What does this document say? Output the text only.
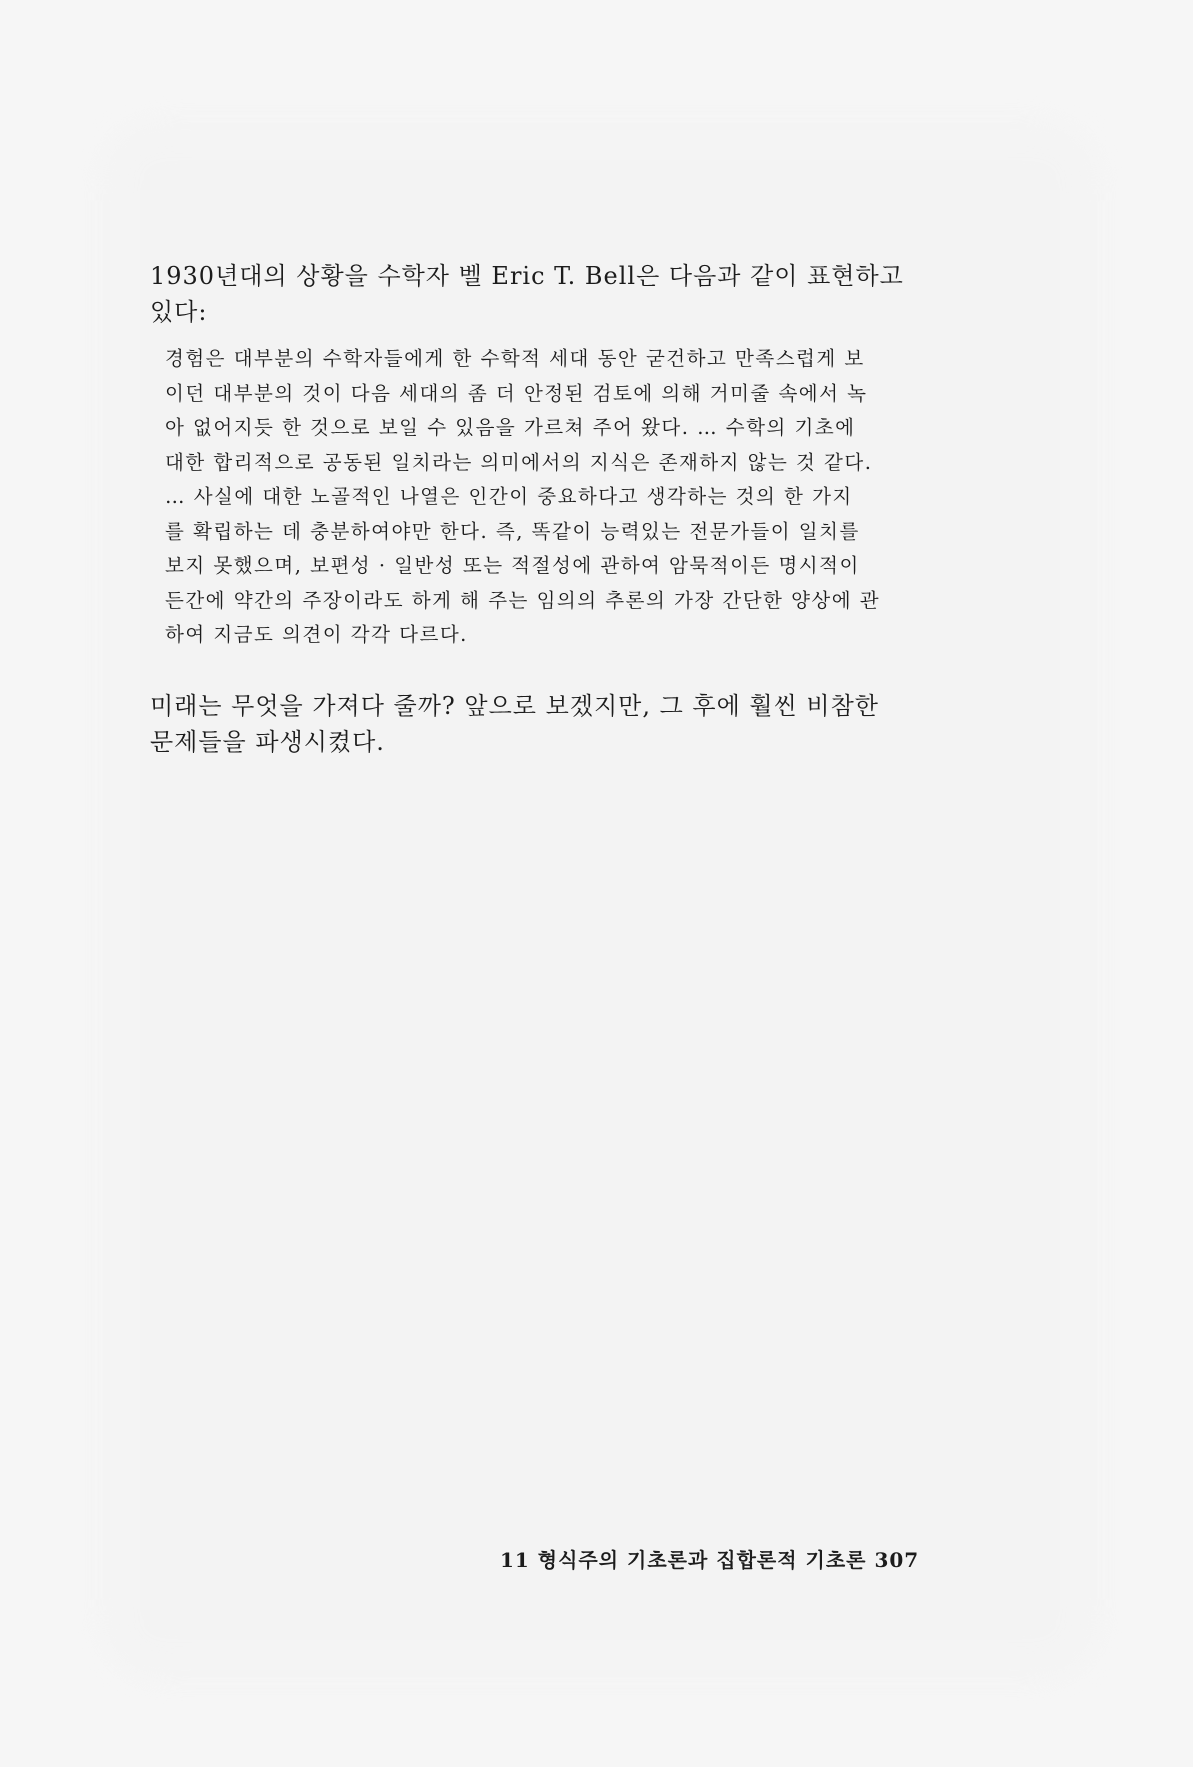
1930년대의 상황을 수학자 벨 Eric T. Bell은 다음과 같이 표현하고
있다:
경험은 대부분의 수학자들에게 한 수학적 세대 동안 굳건하고 만족스럽게 보
이던 대부분의 것이 다음 세대의 좀 더 안정된 검토에 의해 거미줄 속에서 녹
아 없어지듯 한 것으로 보일 수 있음을 가르쳐 주어 왔다. … 수학의 기초에
대한 합리적으로 공동된 일치라는 의미에서의 지식은 존재하지 않는 것 같다.
… 사실에 대한 노골적인 나열은 인간이 중요하다고 생각하는 것의 한 가지
를 확립하는 데 충분하여야만 한다. 즉, 똑같이 능력있는 전문가들이 일치를
보지 못했으며, 보편성 · 일반성 또는 적절성에 관하여 암묵적이든 명시적이
든간에 약간의 주장이라도 하게 해 주는 임의의 추론의 가장 간단한 양상에 관
하여 지금도 의견이 각각 다르다.
미래는 무엇을 가져다 줄까? 앞으로 보겠지만, 그 후에 훨씬 비참한
문제들을 파생시켰다.
11 형식주의 기초론과 집합론적 기초론 307
